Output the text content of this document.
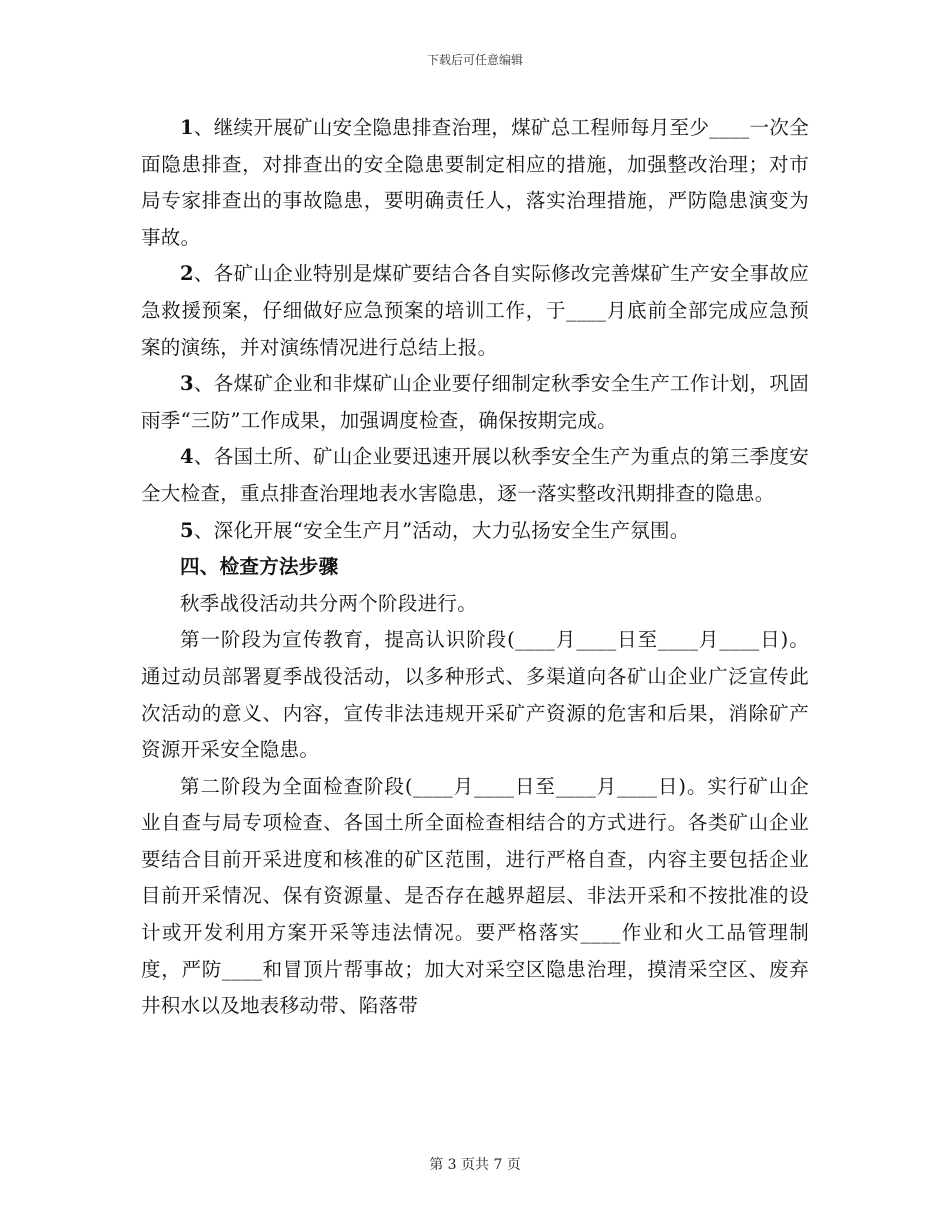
下载后可任意编辑

1、继续开展矿山安全隐患排查治理，煤矿总工程师每月至少____一次全面隐患排查，对排查出的安全隐患要制定相应的措施，加强整改治理；对市局专家排查出的事故隐患，要明确责任人，落实治理措施，严防隐患演变为事故。

2、各矿山企业特别是煤矿要结合各自实际修改完善煤矿生产安全事故应急救援预案，仔细做好应急预案的培训工作，于____月底前全部完成应急预案的演练，并对演练情况进行总结上报。

3、各煤矿企业和非煤矿山企业要仔细制定秋季安全生产工作计划，巩固雨季“三防”工作成果，加强调度检查，确保按期完成。

4、各国土所、矿山企业要迅速开展以秋季安全生产为重点的第三季度安全大检查，重点排查治理地表水害隐患，逐一落实整改汛期排查的隐患。

5、深化开展“安全生产月”活动，大力弘扬安全生产氛围。

四、检查方法步骤

秋季战役活动共分两个阶段进行。

第一阶段为宣传教育，提高认识阶段(____月____日至____月____日)。通过动员部署夏季战役活动，以多种形式、多渠道向各矿山企业广泛宣传此次活动的意义、内容，宣传非法违规开采矿产资源的危害和后果，消除矿产资源开采安全隐患。

第二阶段为全面检查阶段(____月____日至____月____日)。实行矿山企业自查与局专项检查、各国土所全面检查相结合的方式进行。各类矿山企业要结合目前开采进度和核准的矿区范围，进行严格自查，内容主要包括企业目前开采情况、保有资源量、是否存在越界超层、非法开采和不按批准的设计或开发利用方案开采等违法情况。要严格落实____作业和火工品管理制度，严防____和冒顶片帮事故；加大对采空区隐患治理，摸清采空区、废弃井积水以及地表移动带、陷落带

第 3 页共 7 页
